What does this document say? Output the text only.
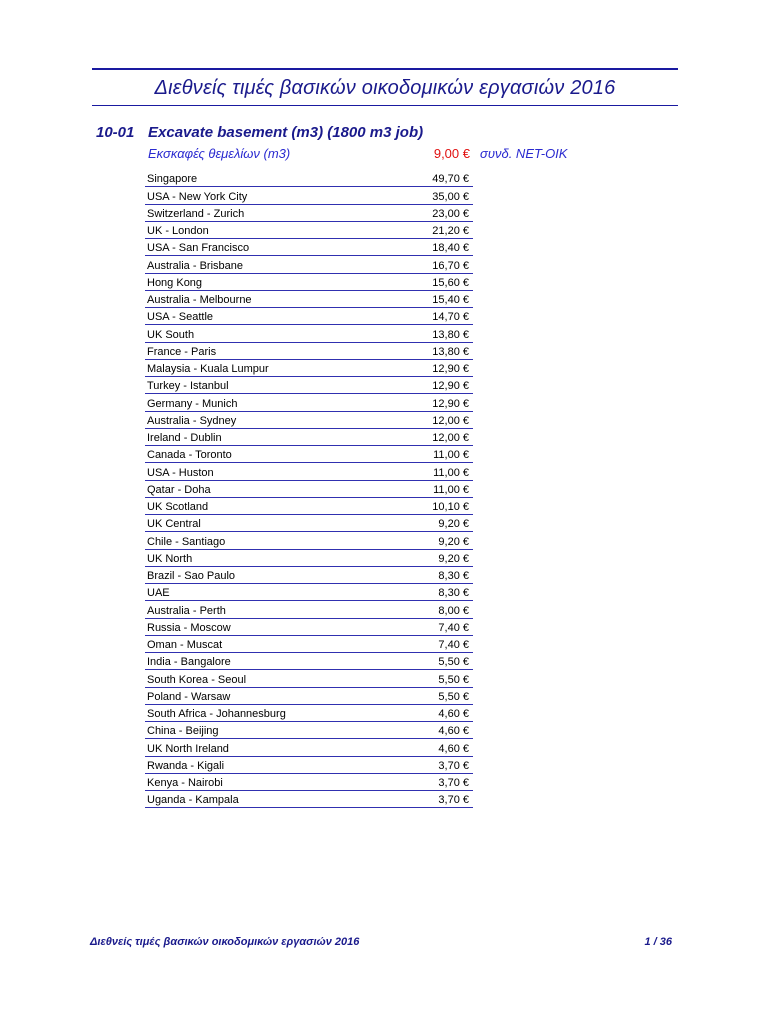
Διεθνείς τιμές βασικών οικοδομικών εργασιών 2016
10-01 Excavate basement (m3) (1800 m3 job)
Εκσκαφές θεμελίων (m3)	9,00 € συνδ. NET-OIK
Singapore	49,70 €
USA - New York City	35,00 €
Switzerland - Zurich	23,00 €
UK - London	21,20 €
USA - San Francisco	18,40 €
Australia - Brisbane	16,70 €
Hong Kong	15,60 €
Australia - Melbourne	15,40 €
USA - Seattle	14,70 €
UK South	13,80 €
France - Paris	13,80 €
Malaysia - Kuala Lumpur	12,90 €
Turkey - Istanbul	12,90 €
Germany - Munich	12,90 €
Australia - Sydney	12,00 €
Ireland - Dublin	12,00 €
Canada - Toronto	11,00 €
USA - Huston	11,00 €
Qatar - Doha	11,00 €
UK Scotland	10,10 €
UK Central	9,20 €
Chile - Santiago	9,20 €
UK North	9,20 €
Brazil - Sao Paulo	8,30 €
UAE	8,30 €
Australia - Perth	8,00 €
Russia - Moscow	7,40 €
Oman - Muscat	7,40 €
India - Bangalore	5,50 €
South Korea - Seoul	5,50 €
Poland - Warsaw	5,50 €
South Africa - Johannesburg	4,60 €
China - Beijing	4,60 €
UK North Ireland	4,60 €
Rwanda - Kigali	3,70 €
Kenya - Nairobi	3,70 €
Uganda - Kampala	3,70 €
Διεθνείς τιμές βασικών οικοδομικών εργασιών 2016	1 / 36
